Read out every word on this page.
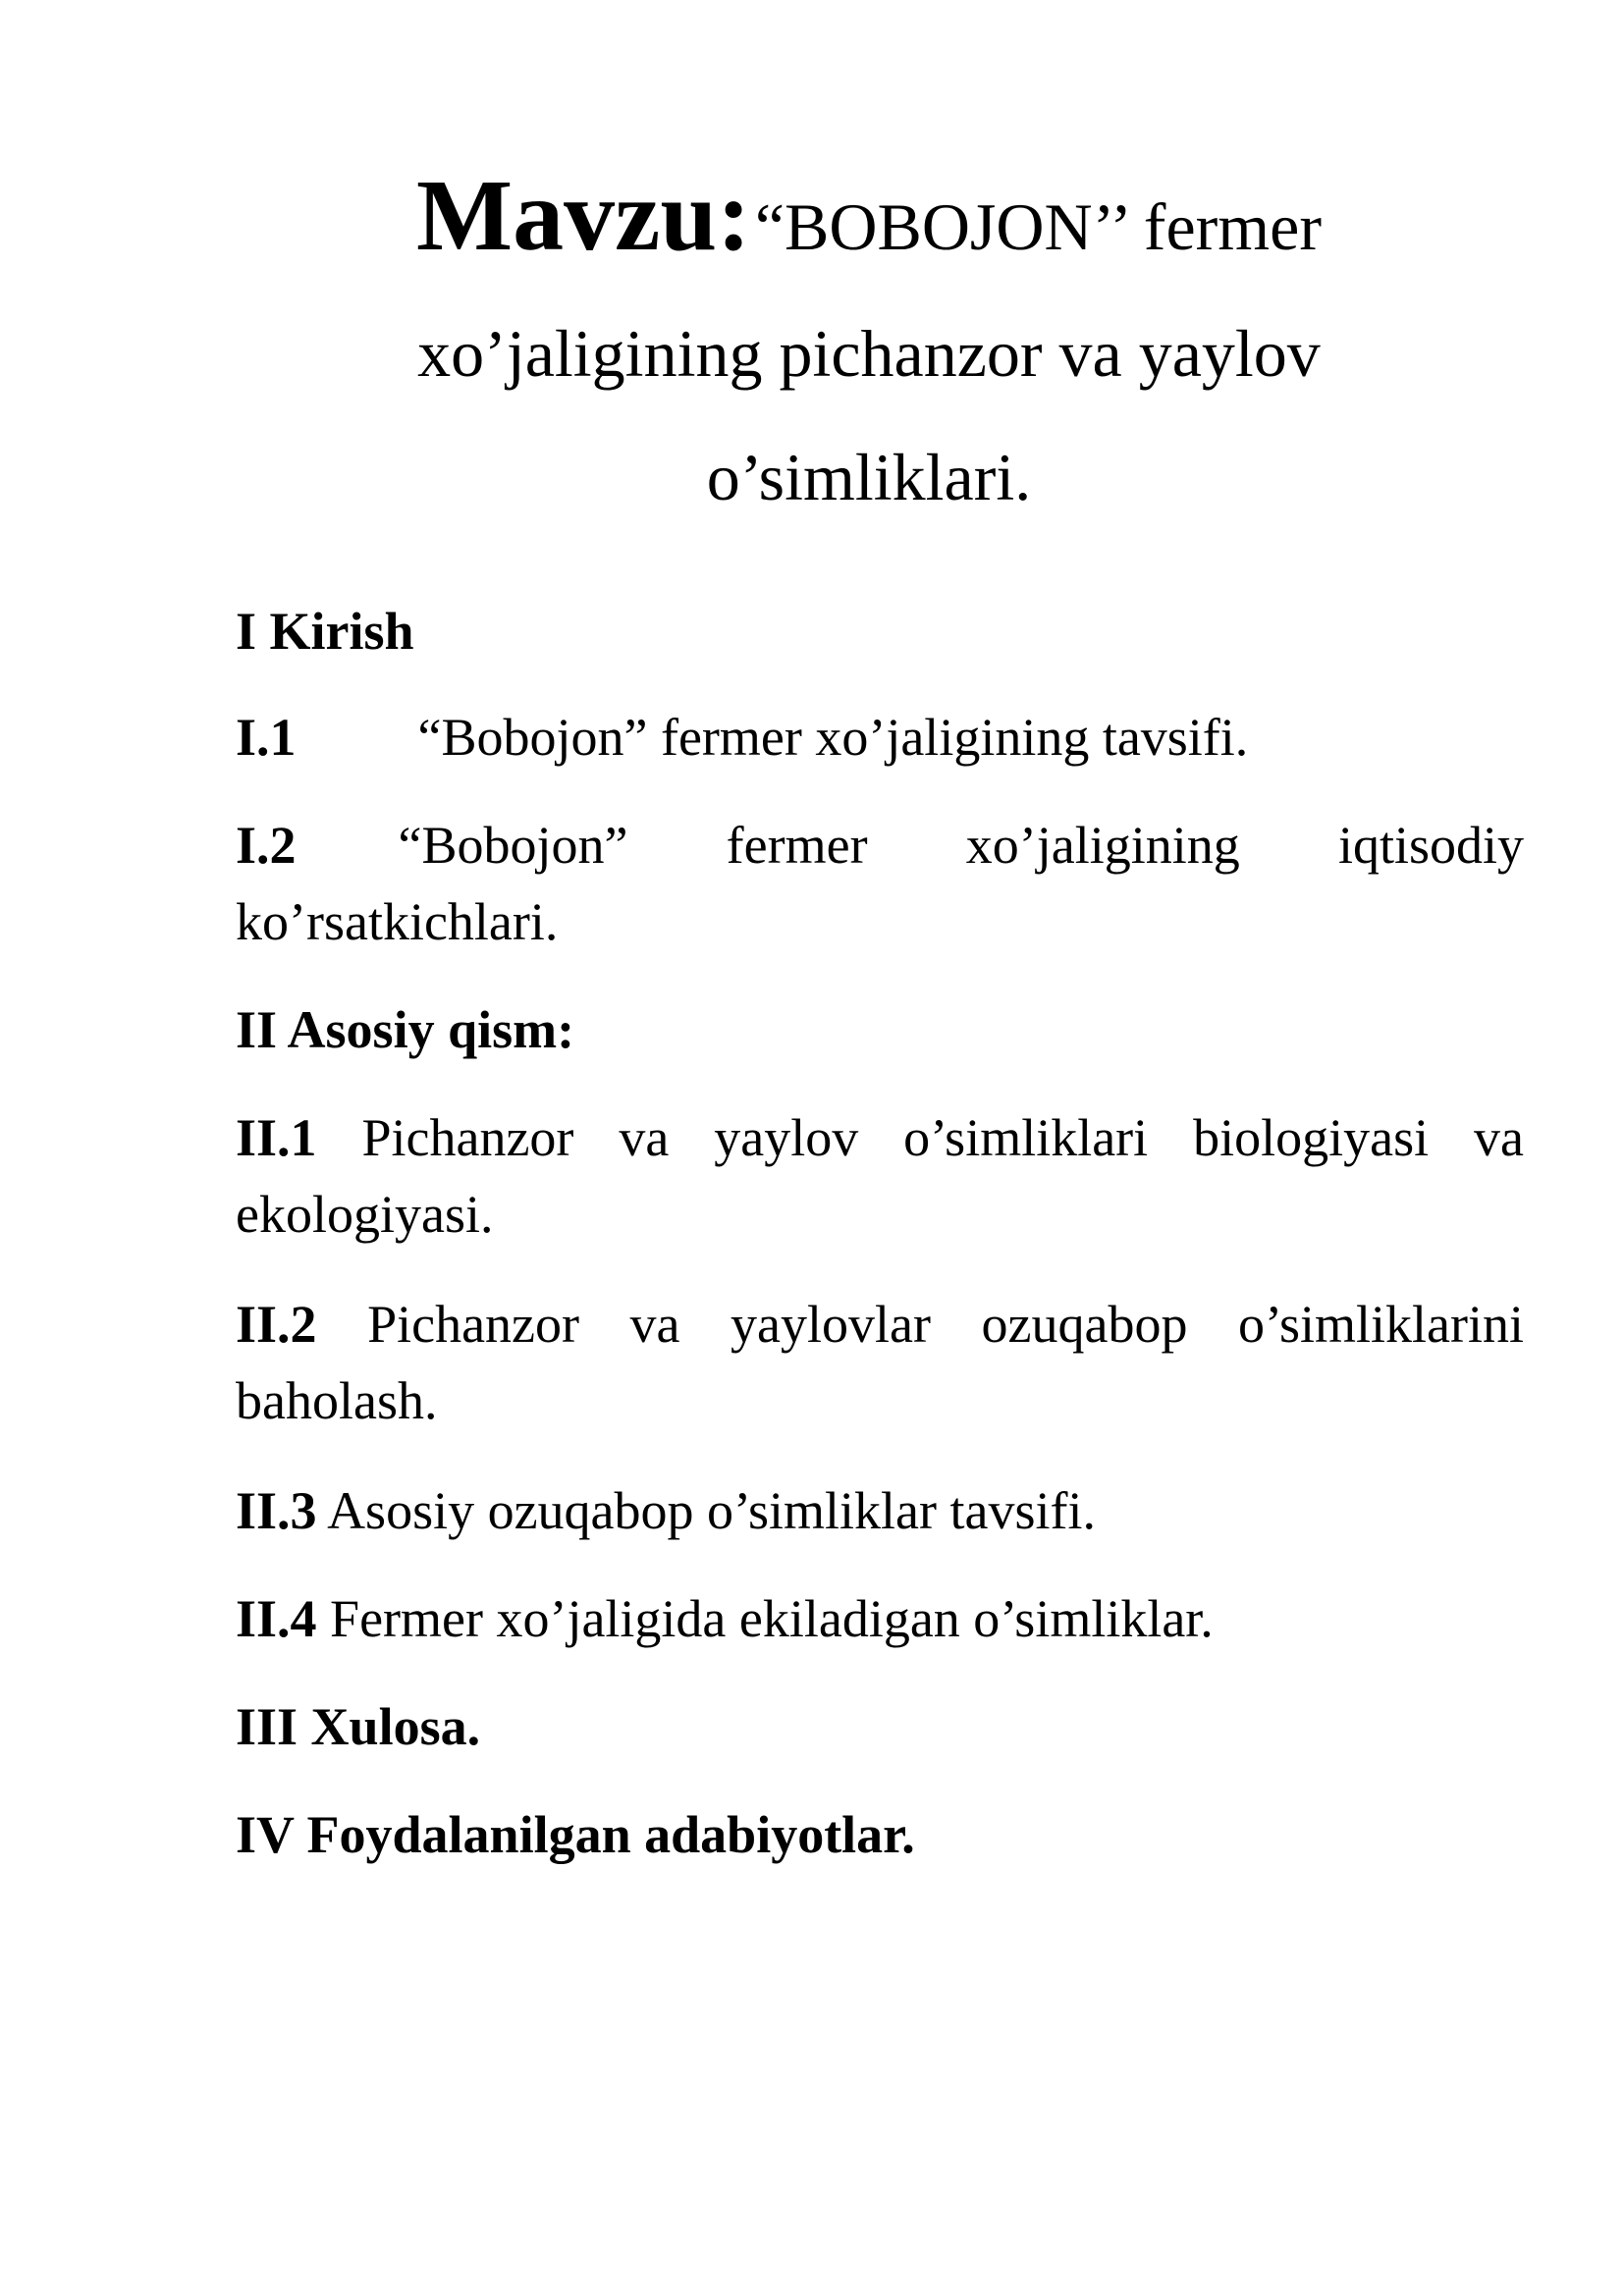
Mavzu: “BOBOJON’’ fermer
xo’jaligining pichanzor va yaylov
o’simliklari.
I Kirish
I.1 “Bobojon” fermer xo’jaligining tavsifi.
I.2 “Bobojon” fermer xo’jaligining iqtisodiy ko’rsatkichlari.
II Asosiy qism:
II.1 Pichanzor va yaylov o’simliklari biologiyasi va ekologiyasi.
II.2 Pichanzor va yaylovlar ozuqabop o’simliklarini baholash.
II.3 Asosiy ozuqabop o’simliklar tavsifi.
II.4 Fermer xo’jaligida ekiladigan o’simliklar.
III Xulosa.
IV Foydalanilgan adabiyotlar.
